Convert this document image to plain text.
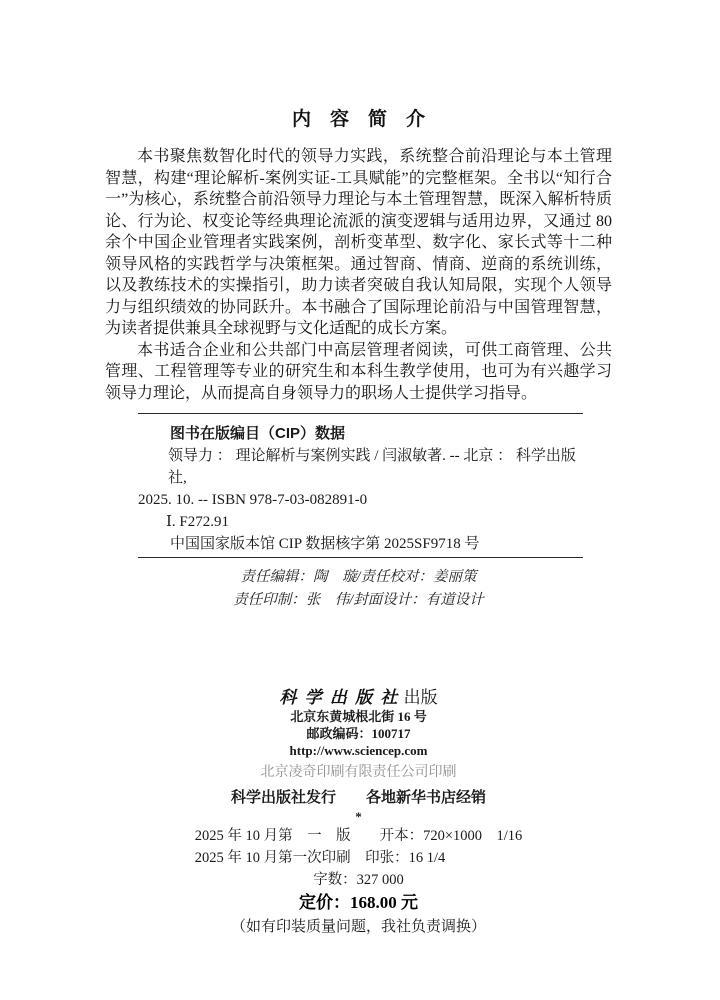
内　容　简　介

本书聚焦数智化时代的领导力实践，系统整合前沿理论与本土管理智慧，构建“理论解析-案例实证-工具赋能”的完整框架。全书以“知行合一”为核心，系统整合前沿领导力理论与本土管理智慧，既深入解析特质论、行为论、权变论等经典理论流派的演变逻辑与适用边界，又通过 80 余个中国企业管理者实践案例，剖析变革型、数字化、家长式等十二种领导风格的实践哲学与决策框架。通过智商、情商、逆商的系统训练，以及教练技术的实操指引，助力读者突破自我认知局限，实现个人领导力与组织绩效的协同跃升。本书融合了国际理论前沿与中国管理智慧，为读者提供兼具全球视野与文化适配的成长方案。

本书适合企业和公共部门中高层管理者阅读，可供工商管理、公共管理、工程管理等专业的研究生和本科生教学使用，也可为有兴趣学习领导力理论，从而提高自身领导力的职场人士提供学习指导。

图书在版编目（CIP）数据
领导力 ： 理论解析与案例实践 / 闫淑敏著. -- 北京 ： 科学出版社,
2025. 10. -- ISBN 978-7-03-082891-0
Ⅰ. F272.91
中国国家版本馆 CIP 数据核字第 2025SF9718 号
责任编辑：陶　璇/责任校对：姜丽策
责任印制：张　伟/封面设计：有道设计
科 学 出 版 社 出版
北京东黄城根北街 16 号
邮政编码：100717
http://www.sciencep.com
北京凌奇印刷有限责任公司印刷
科学出版社发行　　各地新华书店经销
*
2025 年 10 月第　一　版　　开本：720×1000　1/16
2025 年 10 月第一次印刷　印张：16 1/4
字数：327 000
定价：168.00 元
（如有印装质量问题，我社负责调换）
